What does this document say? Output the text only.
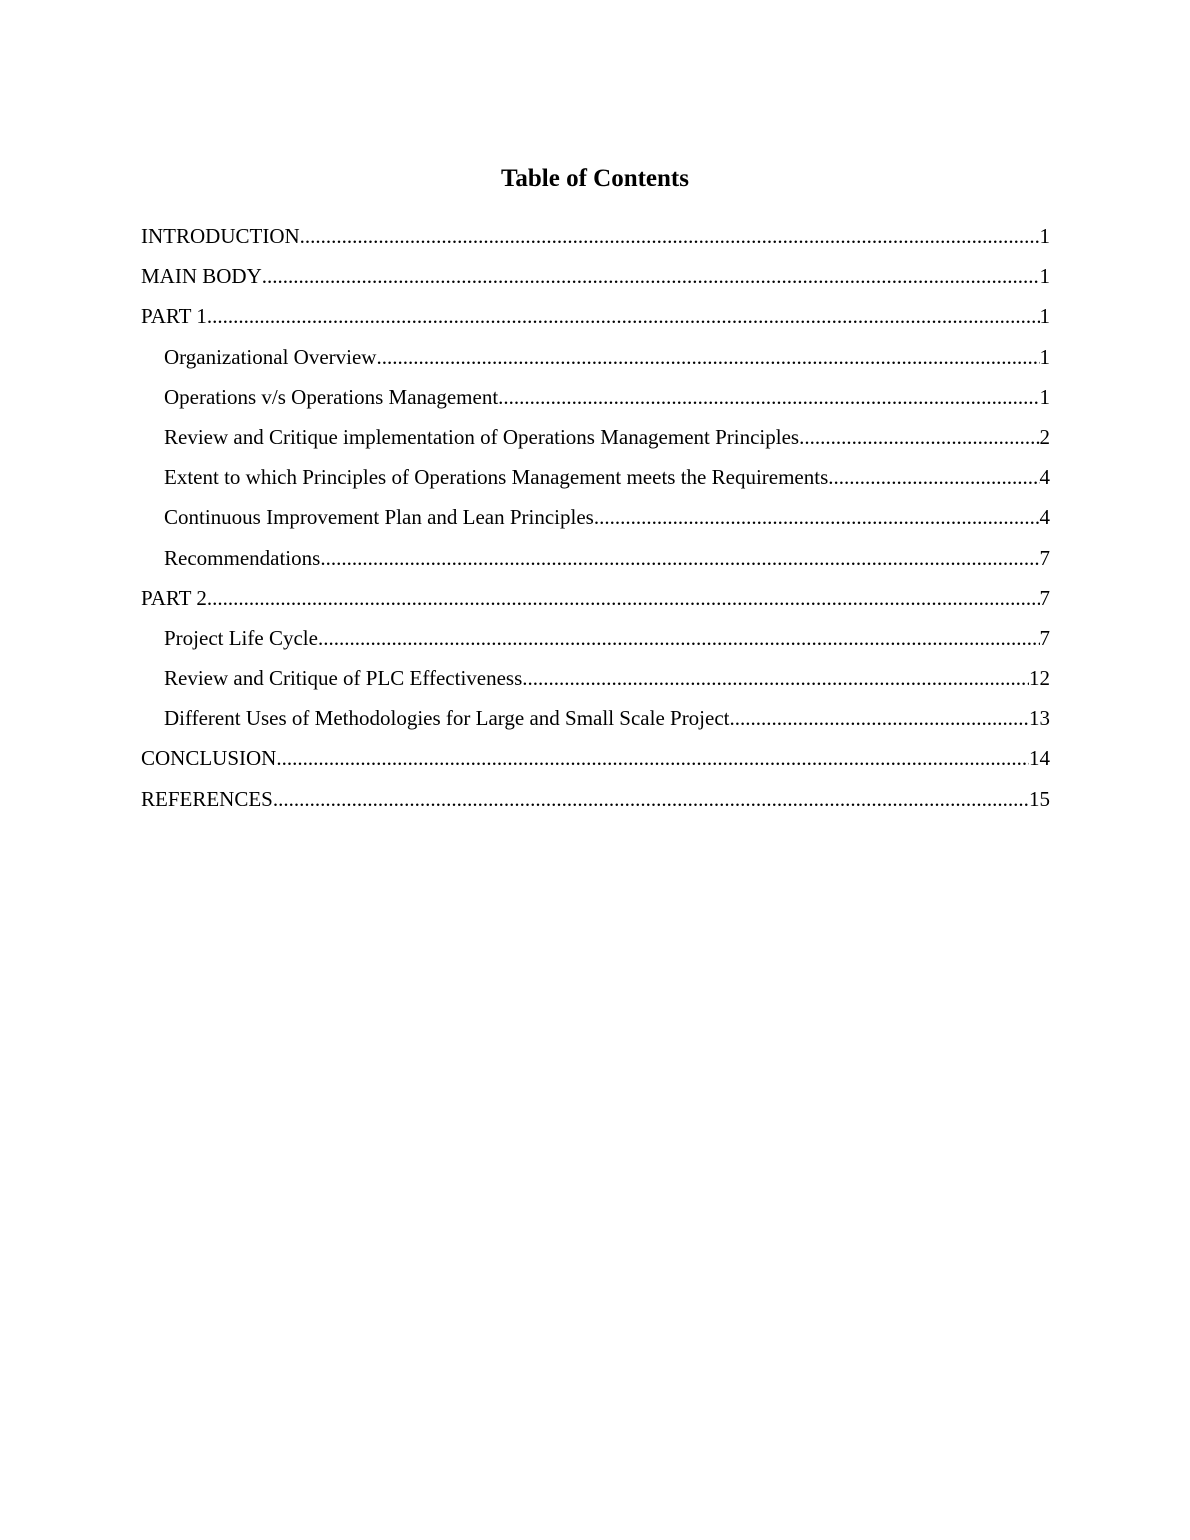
Table of Contents
INTRODUCTION .....	1
MAIN BODY .....	1
PART 1 .....	1
Organizational Overview .....	1
Operations v/s Operations Management .....	1
Review and Critique implementation of Operations Management Principles .....	2
Extent to which Principles of Operations Management meets the Requirements .....	4
Continuous Improvement Plan and Lean Principles .....	4
Recommendations .....	7
PART 2 .....	7
Project Life Cycle .....	7
Review and Critique of PLC Effectiveness .....	12
Different Uses of Methodologies for Large and Small Scale Project .....	13
CONCLUSION .....	14
REFERENCES .....	15
